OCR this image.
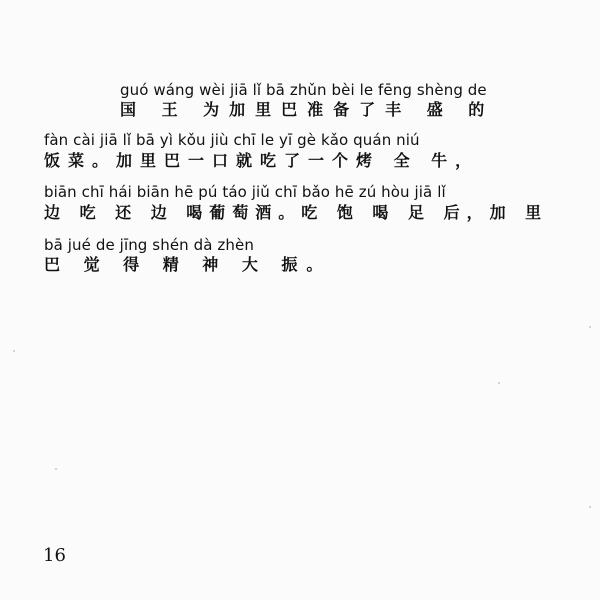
guó wáng wèi jiā lǐ bā zhǔn bèi le fēng shèng de
国 王 为加里巴准备了丰 盛 的
fàn cài jiā lǐ bā yì kǒu jiù chī le yī gè kǎo quán niú
饭菜。加里巴一口就吃了一个烤 全 牛，
biān chī hái biān hē pú táo jiǔ chī bǎo hē zú hòu jiā lǐ
边 吃 还 边 喝葡萄酒。吃 饱 喝 足 后，加 里
bā jué de jīng shén dà zhèn
巴 觉 得 精 神 大 振。
16
